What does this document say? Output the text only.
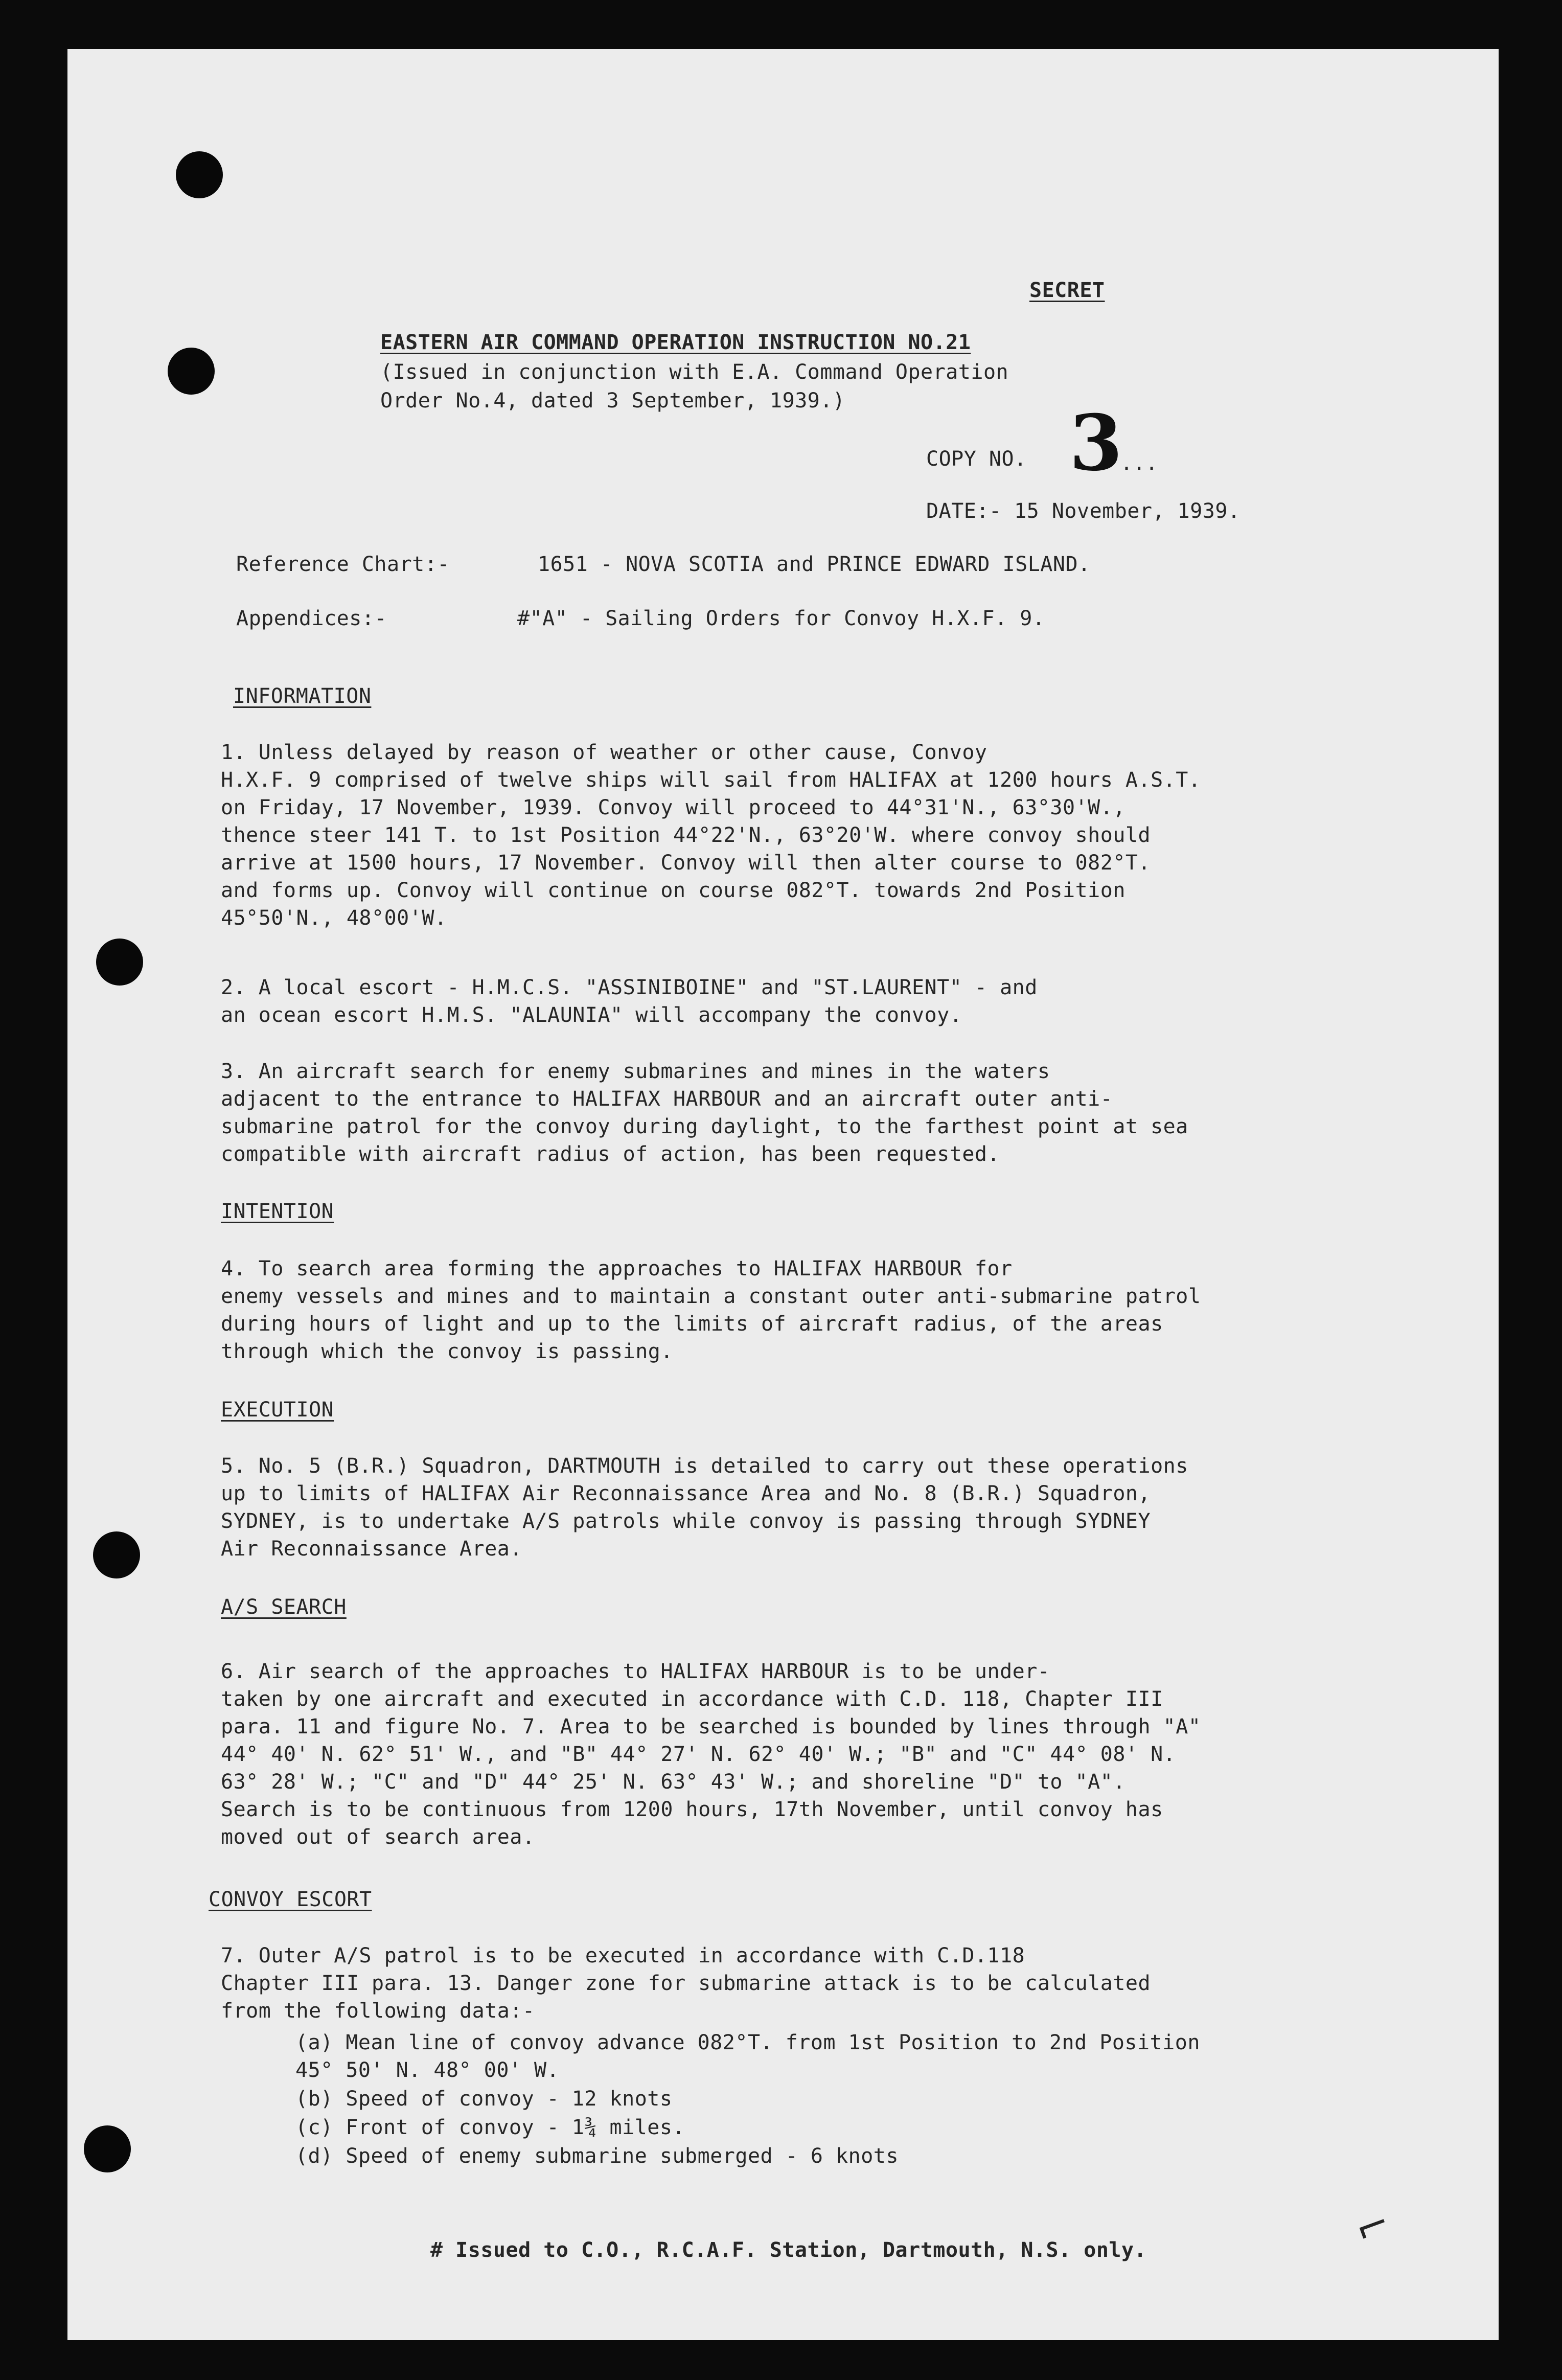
SECRET
EASTERN AIR COMMAND OPERATION INSTRUCTION NO.21
(Issued in conjunction with E.A. Command Operation
Order No.4, dated 3 September, 1939.)
COPY NO. 3
...
DATE:- 15 November, 1939.
Reference Chart:-	1651 - NOVA SCOTIA and PRINCE EDWARD ISLAND.
Appendices:-	#"A" - Sailing Orders for Convoy H.X.F. 9.
INFORMATION
1. Unless delayed by reason of weather or other cause, Convoy
H.X.F. 9 comprised of twelve ships will sail from HALIFAX at 1200 hours A.S.T.
on Friday, 17 November, 1939. Convoy will proceed to 44°31'N., 63°30'W.,
thence steer 141 T. to 1st Position 44°22'N., 63°20'W. where convoy should
arrive at 1500 hours, 17 November. Convoy will then alter course to 082°T.
and forms up. Convoy will continue on course 082°T. towards 2nd Position
45°50'N., 48°00'W.
2. A local escort - H.M.C.S. "ASSINIBOINE" and "ST.LAURENT" - and
an ocean escort H.M.S. "ALAUNIA" will accompany the convoy.
3. An aircraft search for enemy submarines and mines in the waters
adjacent to the entrance to HALIFAX HARBOUR and an aircraft outer anti-
submarine patrol for the convoy during daylight, to the farthest point at sea
compatible with aircraft radius of action, has been requested.
INTENTION
4. To search area forming the approaches to HALIFAX HARBOUR for
enemy vessels and mines and to maintain a constant outer anti-submarine patrol
during hours of light and up to the limits of aircraft radius, of the areas
through which the convoy is passing.
EXECUTION
5. No. 5 (B.R.) Squadron, DARTMOUTH is detailed to carry out these operations
up to limits of HALIFAX Air Reconnaissance Area and No. 8 (B.R.) Squadron,
SYDNEY, is to undertake A/S patrols while convoy is passing through SYDNEY
Air Reconnaissance Area.
A/S SEARCH
6. Air search of the approaches to HALIFAX HARBOUR is to be under-
taken by one aircraft and executed in accordance with C.D. 118, Chapter III
para. 11 and figure No. 7. Area to be searched is bounded by lines through "A"
44° 40' N. 62° 51' W., and "B" 44° 27' N. 62° 40' W.; "B" and "C" 44° 08' N.
63° 28' W.; "C" and "D" 44° 25' N. 63° 43' W.; and shoreline "D" to "A".
Search is to be continuous from 1200 hours, 17th November, until convoy has
moved out of search area.
CONVOY ESCORT
7. Outer A/S patrol is to be executed in accordance with C.D.118
Chapter III para. 13. Danger zone for submarine attack is to be calculated
from the following data:-
(a) Mean line of convoy advance 082°T. from 1st Position to 2nd Position
45° 50' N. 48° 00' W.
(b) Speed of convoy - 12 knots
(c) Front of convoy - 1¾ miles.
(d) Speed of enemy submarine submerged - 6 knots
# Issued to C.O., R.C.A.F. Station, Dartmouth, N.S. only.	⌐
